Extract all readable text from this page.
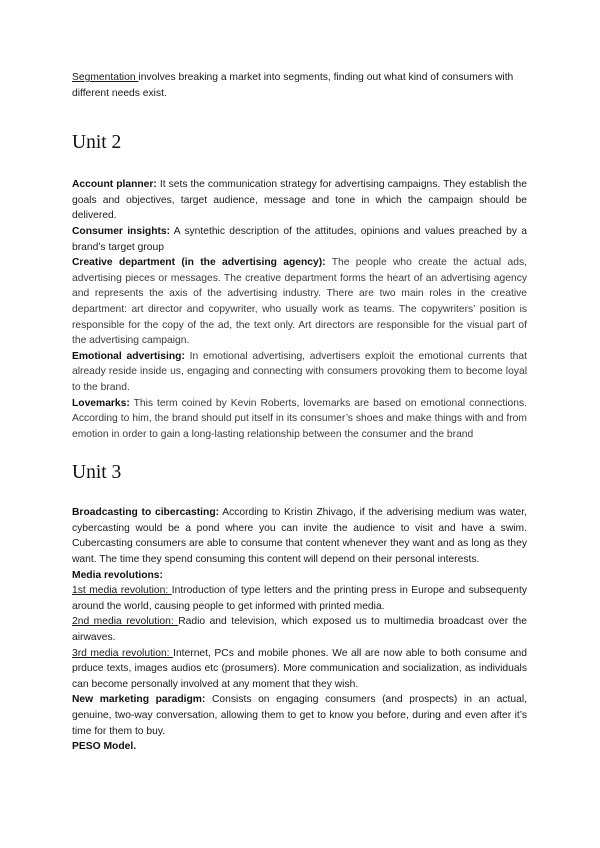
Segmentation involves breaking a market into segments, finding out what kind of consumers with different needs exist.

Unit 2

Account planner: It sets the communication strategy for advertising campaigns. They establish the goals and objectives, target audience, message and tone in which the campaign should be delivered.

Consumer insights: A syntethic description of the attitudes, opinions and values preached by a brand’s target group

Creative department (in the advertising agency): The people who create the actual ads, advertising pieces or messages. The creative department forms the heart of an advertising agency and represents the axis of the advertising industry. There are two main roles in the creative department: art director and copywriter, who usually work as teams. The copywriters’ position is responsible for the copy of the ad, the text only. Art directors are responsible for the visual part of the advertising campaign.

Emotional advertising: In emotional advertising, advertisers exploit the emotional currents that already reside inside us, engaging and connecting with consumers provoking them to become loyal to the brand.

Lovemarks: This term coined by Kevin Roberts, lovemarks are based on emotional connections. According to him, the brand should put itself in its consumer’s shoes and make things with and from emotion in order to gain a long-lasting relationship between the consumer and the brand

Unit 3

Broadcasting to cibercasting: According to Kristin Zhivago, if the adverising medium was water, cybercasting would be a pond where you can invite the audience to visit and have a swim. Cubercasting consumers are able to consume that content whenever they want and as long as they want. The time they spend consuming this content will depend on their personal interests.

Media revolutions:

1st media revolution: Introduction of type letters and the printing press in Europe and subsequenty around the world, causing people to get informed with printed media.

2nd media revolution: Radio and television, which exposed us to multimedia broadcast over the airwaves.

3rd media revolution: Internet, PCs and mobile phones. We all are now able to both consume and prduce texts, images audios etc (prosumers). More communication and socialization, as individuals can become personally involved at any moment that they wish.

New marketing paradigm: Consists on engaging consumers (and prospects) in an actual, genuine, two-way conversation, allowing them to get to know you before, during and even after it’s time for them to buy.

PESO Model.
